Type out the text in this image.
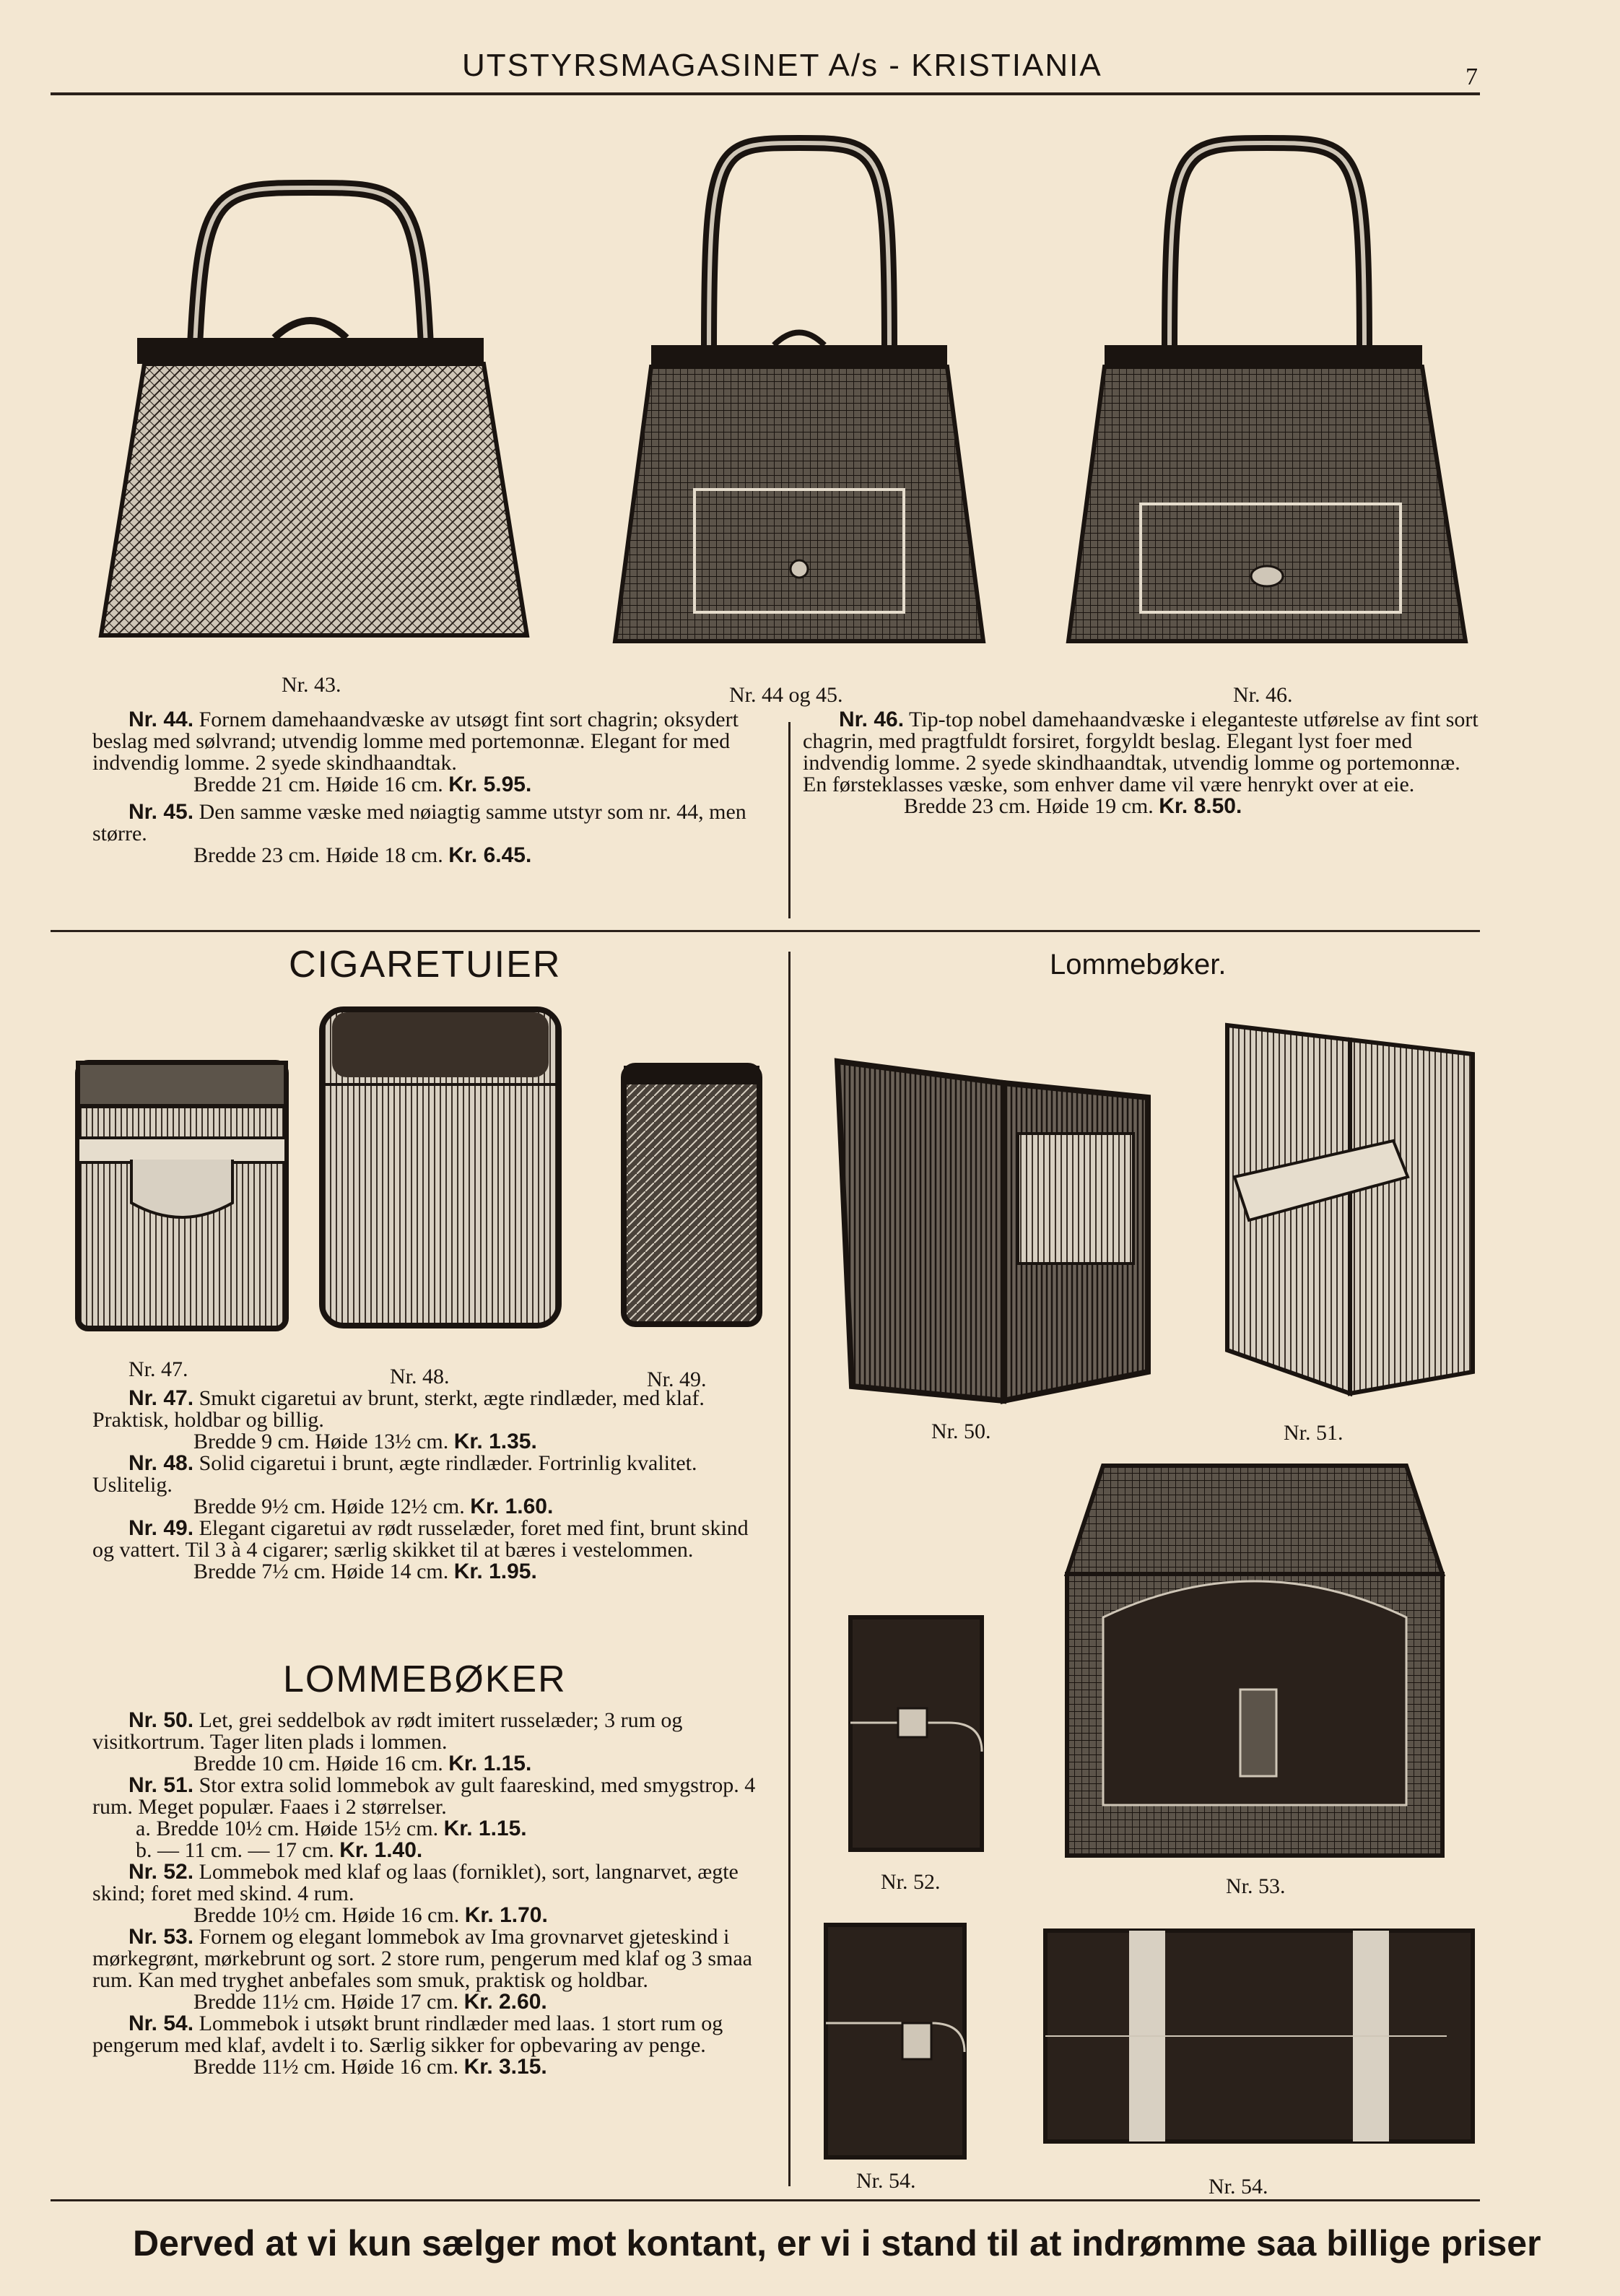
UTSTYRSMAGASINET A/s - KRISTIANIA	7
Nr. 43.	Nr. 44 og 45.	Nr. 46.

Nr. 44. Fornem damehaandvæske av utsøgt fint sort chagrin; oksydert beslag med sølvrand; utvendig lomme med portemonnæ. Elegant for med indvendig lomme. 2 syede skindhaandtak.

Bredde 21 cm. Høide 16 cm. Kr. 5.95.

Nr. 45. Den samme væske med nøiagtig samme utstyr som nr. 44, men større.

Bredde 23 cm. Høide 18 cm. Kr. 6.45.

Nr. 46. Tip-top nobel damehaandvæske i eleganteste utførelse av fint sort chagrin, med pragtfuldt forsiret, forgyldt beslag. Elegant lyst foer med indvendig lomme. 2 syede skindhaandtak, utvendig lomme og portemonnæ. En førsteklasses væske, som enhver dame vil være henrykt over at eie.

Bredde 23 cm. Høide 19 cm. Kr. 8.50.

CIGARETUIER	Lommebøker.
Nr. 47.	Nr. 48.	Nr. 49.

Nr. 47. Smukt cigaretui av brunt, sterkt, ægte rindlæder, med klaf. Praktisk, holdbar og billig.

Bredde 9 cm. Høide 13½ cm. Kr. 1.35.

Nr. 48. Solid cigaretui i brunt, ægte rindlæder. Fortrinlig kvalitet. Uslitelig.

Bredde 9½ cm. Høide 12½ cm. Kr. 1.60.

Nr. 49. Elegant cigaretui av rødt russelæder, foret med fint, brunt skind og vattert. Til 3 à 4 cigarer; særlig skikket til at bæres i vestelommen.

Bredde 7½ cm. Høide 14 cm. Kr. 1.95.

LOMMEBØKER

Nr. 50. Let, grei seddelbok av rødt imitert russelæder; 3 rum og visitkortrum. Tager liten plads i lommen.

Bredde 10 cm. Høide 16 cm. Kr. 1.15.

Nr. 51. Stor extra solid lommebok av gult faareskind, med smygstrop. 4 rum. Meget populær. Faaes i 2 størrelser.

a. Bredde 10½ cm. Høide 15½ cm. Kr. 1.15.

b. — 11 cm. — 17 cm. Kr. 1.40.

Nr. 52. Lommebok med klaf og laas (forniklet), sort, langnarvet, ægte skind; foret med skind. 4 rum.

Bredde 10½ cm. Høide 16 cm. Kr. 1.70.

Nr. 53. Fornem og elegant lommebok av Ima grovnarvet gjeteskind i mørkegrønt, mørkebrunt og sort. 2 store rum, pengerum med klaf og 3 smaa rum. Kan med tryghet anbefales som smuk, praktisk og holdbar.

Bredde 11½ cm. Høide 17 cm. Kr. 2.60.

Nr. 54. Lommebok i utsøkt brunt rindlæder med laas. 1 stort rum og pengerum med klaf, avdelt i to. Særlig sikker for opbevaring av penge.

Bredde 11½ cm. Høide 16 cm. Kr. 3.15.

Nr. 50.	Nr. 51.
Nr. 52.	Nr. 53.
Nr. 54.	Nr. 54.
Derved at vi kun sælger mot kontant, er vi i stand til at indrømme saa billige priser
